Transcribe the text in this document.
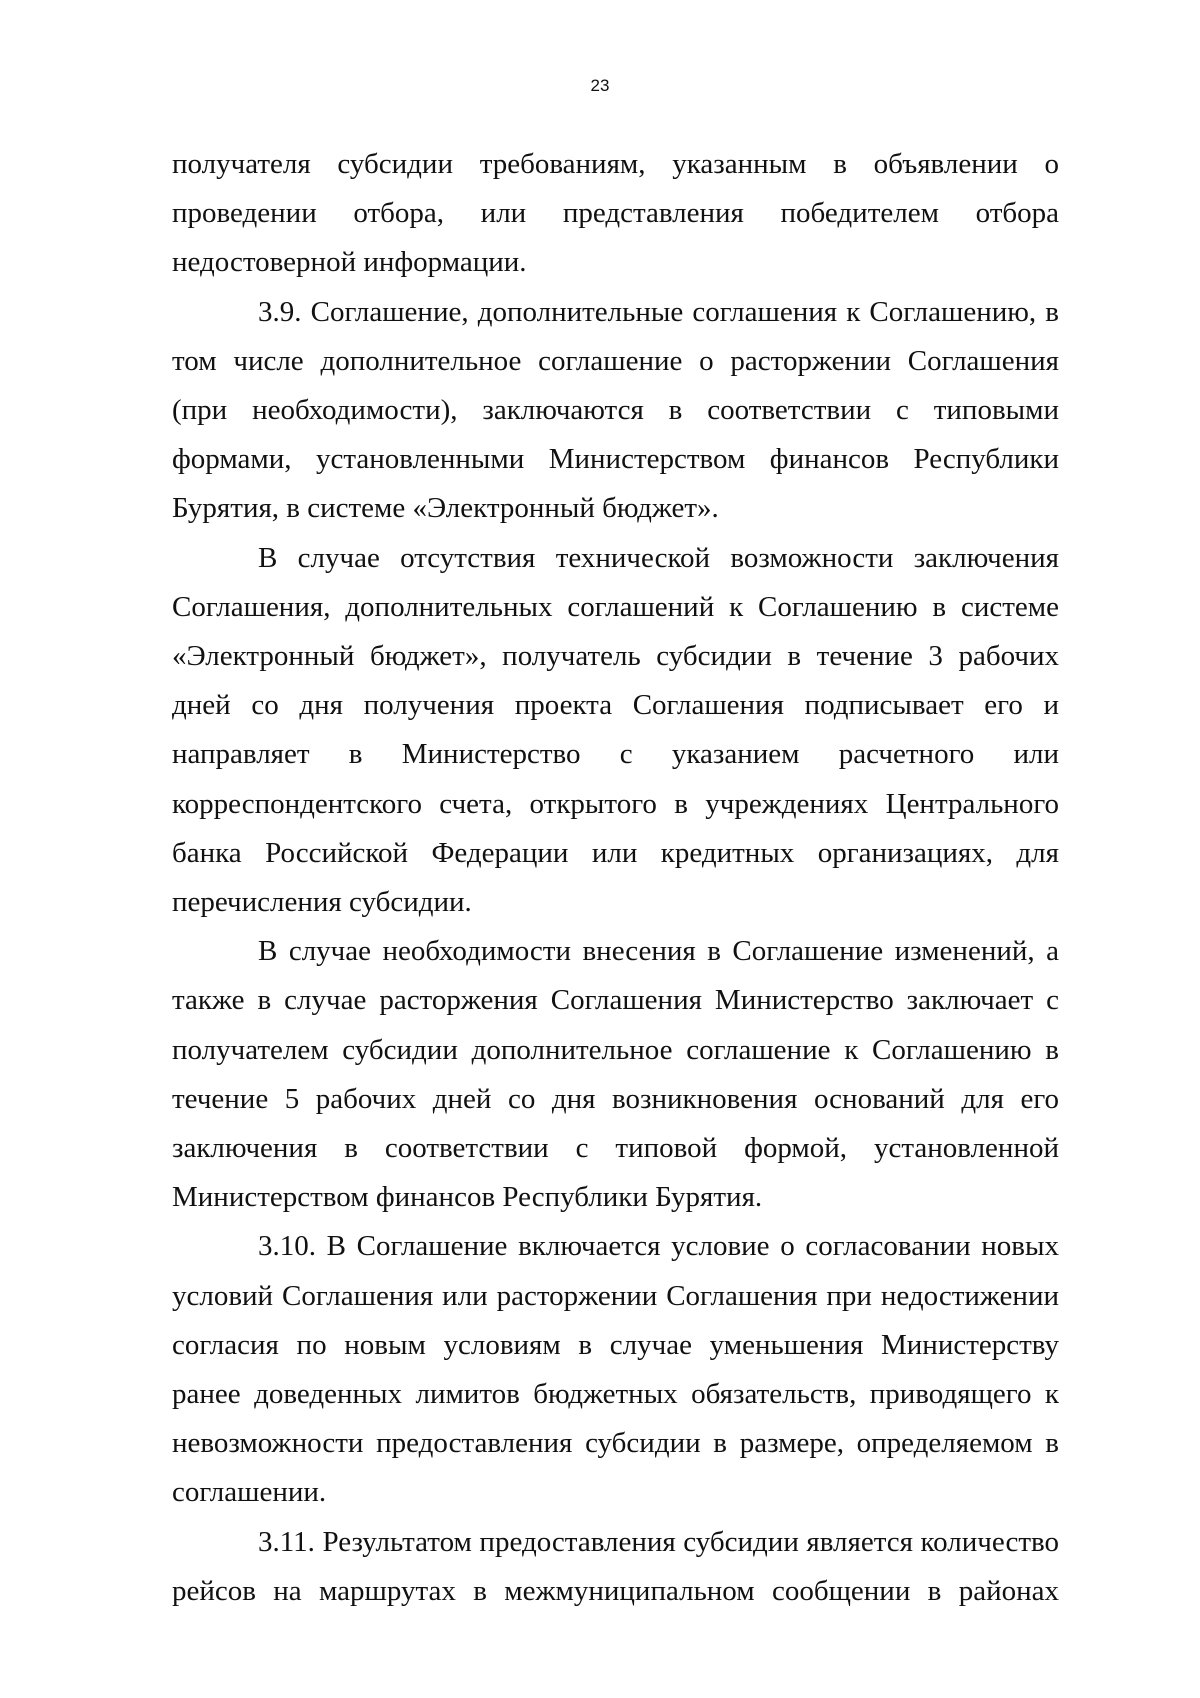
23

получателя субсидии требованиям, указанным в объявлении о проведении отбора, или представления победителем отбора недостоверной информации.

3.9. Соглашение, дополнительные соглашения к Соглашению, в том числе дополнительное соглашение о расторжении Соглашения (при необходимости), заключаются в соответствии с типовыми формами, установленными Министерством финансов Республики Бурятия, в системе «Электронный бюджет».

В случае отсутствия технической возможности заключения Соглашения, дополнительных соглашений к Соглашению в системе «Электронный бюджет», получатель субсидии в течение 3 рабочих дней со дня получения проекта Соглашения подписывает его и направляет в Министерство с указанием расчетного или корреспондентского счета, открытого в учреждениях Центрального банка Российской Федерации или кредитных организациях, для перечисления субсидии.

В случае необходимости внесения в Соглашение изменений, а также в случае расторжения Соглашения Министерство заключает с получателем субсидии дополнительное соглашение к Соглашению в течение 5 рабочих дней со дня возникновения оснований для его заключения в соответствии с типовой формой, установленной Министерством финансов Республики Бурятия.

3.10. В Соглашение включается условие о согласовании новых условий Соглашения или расторжении Соглашения при недостижении согласия по новым условиям в случае уменьшения Министерству ранее доведенных лимитов бюджетных обязательств, приводящего к невозможности предоставления субсидии в размере, определяемом в соглашении.

3.11. Результатом предоставления субсидии является количество рейсов на маршрутах в межмуниципальном сообщении в районах
